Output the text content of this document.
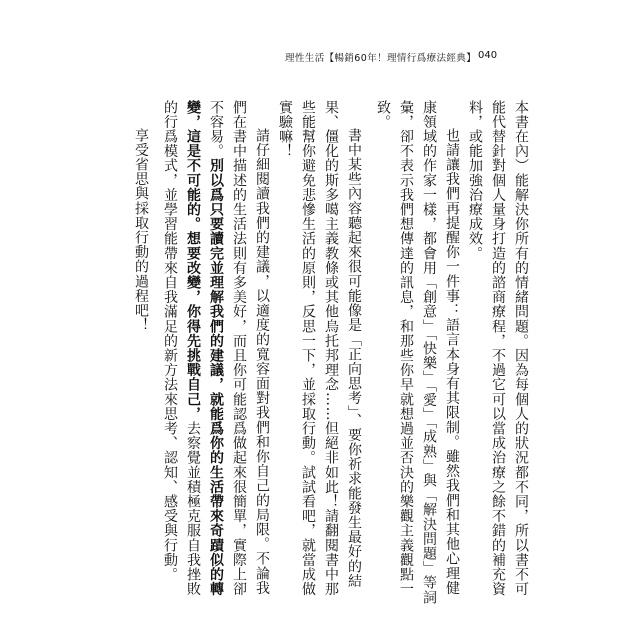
理性生活【暢銷60年！理情行爲療法經典】 040

本書在內）能解決你所有的情緒問題。因為每個人的狀況都不同，所以書不可能代替針對個人量身打造的諮商療程，不過它可以當成治療之餘不錯的補充資料，或能加強治療成效。

也請讓我們再提醒你一件事：語言本身有其限制。雖然我們和其他心理健康領域的作家一樣，都會用「創意」「快樂」「愛」「成熟」與「解決問題」等詞彙，卻不表示我們想傳達的訊息，和那些你早就想過並否決的樂觀主義觀點一致。

書中某些內容聽起來很可能像是「正向思考」、要你祈求能發生最好的結果、僵化的斯多噶主義教條或其他烏托邦理念……但絕非如此！請翻閱書中那些能幫你避免悲慘生活的原則，反思一下，並採取行動。試試看吧，就當成做實驗嘛！

請仔細閱讀我們的建議，以適度的寬容面對我們和你自己的局限。不論我們在書中描述的生活法則有多美好，而且你可能認爲做起來很簡單，實際上卻不容易。別以爲只要讀完並理解我們的建議，就能爲你的生活帶來奇蹟似的轉變，這是不可能的。想要改變，你得先挑戰自己，去察覺並積極克服自我挫敗的行爲模式，並學習能帶來自我滿足的新方法來思考、認知、感受與行動。

享受省思與採取行動的過程吧！
